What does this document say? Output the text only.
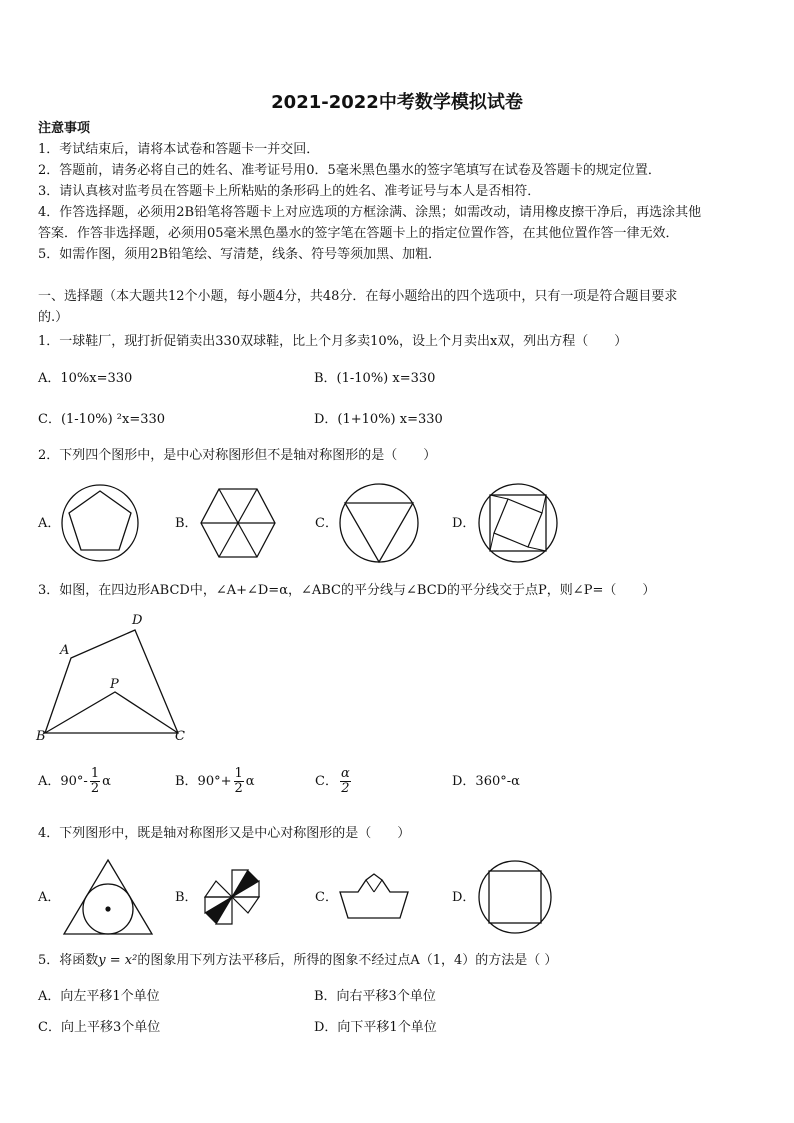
2021-2022中考数学模拟试卷
注意事项
1．考试结束后，请将本试卷和答题卡一并交回．
2．答题前，请务必将自己的姓名、准考证号用0．5毫米黑色墨水的签字笔填写在试卷及答题卡的规定位置．
3．请认真核对监考员在答题卡上所粘贴的条形码上的姓名、准考证号与本人是否相符．
4．作答选择题，必须用2B铅笔将答题卡上对应选项的方框涂满、涂黑；如需改动，请用橡皮擦干净后，再选涂其他
答案．作答非选择题，必须用05毫米黑色墨水的签字笔在答题卡上的指定位置作答，在其他位置作答一律无效．
5．如需作图，须用2B铅笔绘、写清楚，线条、符号等须加黑、加粗．
一、选择题（本大题共12个小题，每小题4分，共48分．在每小题给出的四个选项中，只有一项是符合题目要求
的.）
1．一球鞋厂，现打折促销卖出330双球鞋，比上个月多卖10%，设上个月卖出x双，列出方程（　　）
A．10%x=330	B．(1-10%) x=330
C．(1-10%) ²x=330	D．(1+10%) x=330
2．下列四个图形中，是中心对称图形但不是轴对称图形的是（　　）
A．	B．	C．	D．
3．如图，在四边形ABCD中，∠A+∠D=α，∠ABC的平分线与∠BCD的平分线交于点P，则∠P=（　　）
A
D
P
B	C
A．$90^\circ- \frac{1}{2}$ α	B．$90^\circ+ \frac{1}{2}$ α	C． $\frac{\alpha}{2}$	D．360°-α
4．下列图形中，既是轴对称图形又是中心对称图形的是（　　）
A．	B．	C．	D．
5．将函数y = x²的图象用下列方法平移后，所得的图象不经过点A（1，4）的方法是（ ）
A．向左平移1个单位	B．向右平移3个单位
C．向上平移3个单位	D．向下平移1个单位
